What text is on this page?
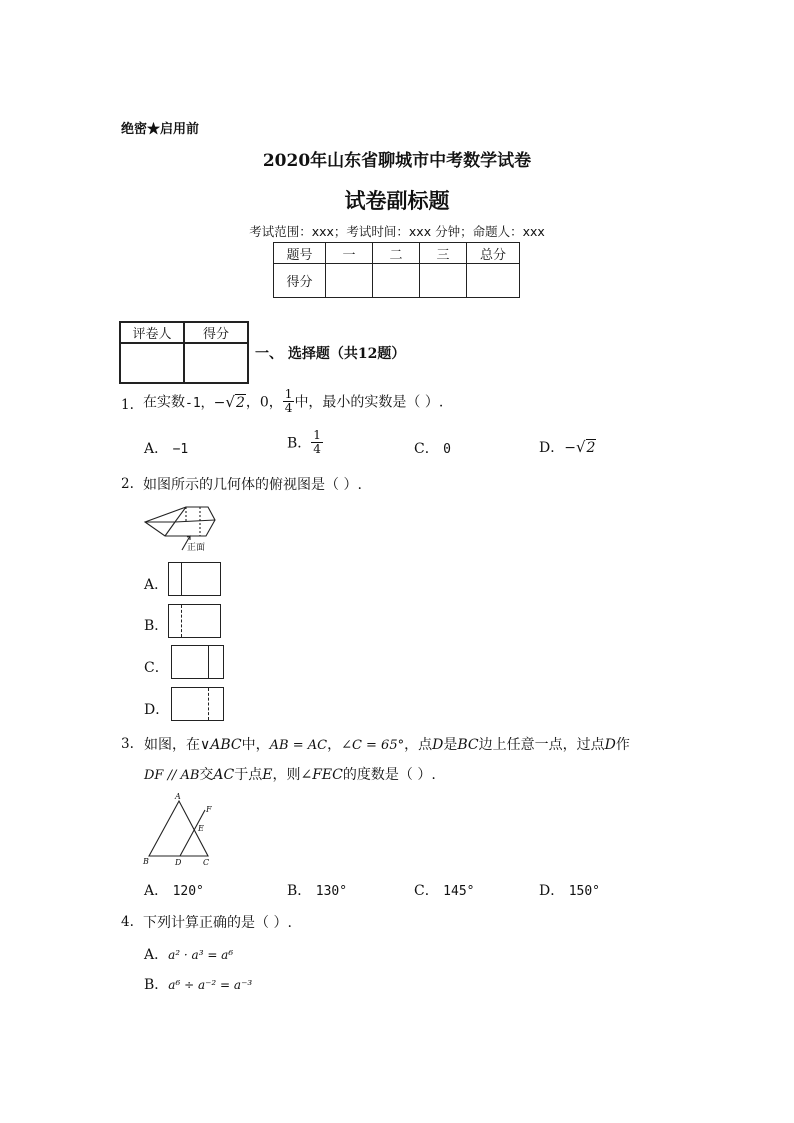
绝密★启用前
2020年山东省聊城市中考数学试卷
试卷副标题
考试范围：xxx；考试时间：xxx 分钟；命题人：xxx
题号	一	二	三	总分
得分				
评卷人	得分

一、 选择题（共12题）
1. 在实数-1，−√2，0， $\frac{1}{4}$ 中，最小的实数是（ ）.
A． −1	B． $\frac{1}{4}$	C． 0	D．−√2
2. 如图所示的几何体的俯视图是（ ）.
正面
A．
B．
C．
D．
3. 如图，在∨ABC中，AB = AC，∠C = 65°，点D是BC边上任意一点，过点D作
DF // AB交AC于点E，则∠FEC的度数是（ ）.
A
B	C
D
E
F
A． 120°	B． 130°	C． 145°	D． 150°
4. 下列计算正确的是（ ）.
A．a² · a³ = a⁶
B．a⁶ ÷ a⁻² = a⁻³
